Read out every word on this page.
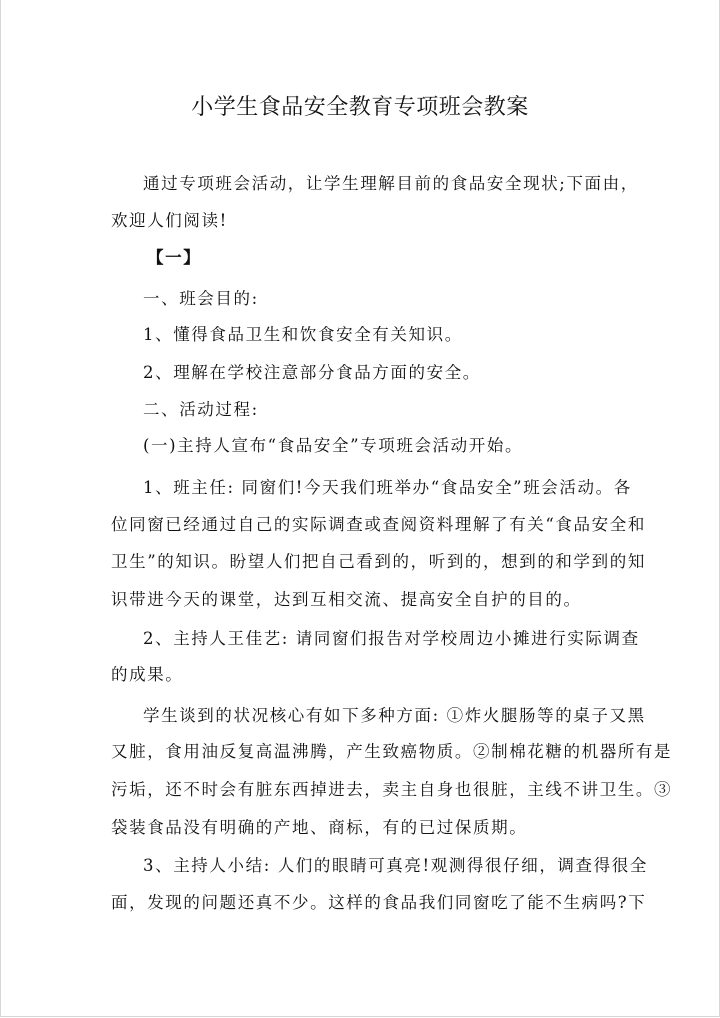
小学生食品安全教育专项班会教案
通过专项班会活动，让学生理解目前的食品安全现状;下面由，
欢迎人们阅读!
【一】
一、班会目的:
1、懂得食品卫生和饮食安全有关知识。
2、理解在学校注意部分食品方面的安全。
二、活动过程:
(一)主持人宣布“食品安全”专项班会活动开始。
1、班主任: 同窗们!今天我们班举办“食品安全”班会活动。各
位同窗已经通过自己的实际调查或查阅资料理解了有关“食品安全和
卫生”的知识。盼望人们把自己看到的，听到的，想到的和学到的知
识带进今天的课堂，达到互相交流、提高安全自护的目的。
2、主持人王佳艺: 请同窗们报告对学校周边小摊进行实际调查
的成果。
学生谈到的状况核心有如下多种方面: ①炸火腿肠等的桌子又黑
又脏，食用油反复高温沸腾，产生致癌物质。②制棉花糖的机器所有是
污垢，还不时会有脏东西掉进去，卖主自身也很脏，主线不讲卫生。③
袋装食品没有明确的产地、商标，有的已过保质期。
3、主持人小结: 人们的眼睛可真亮!观测得很仔细，调查得很全
面，发现的问题还真不少。这样的食品我们同窗吃了能不生病吗?下
